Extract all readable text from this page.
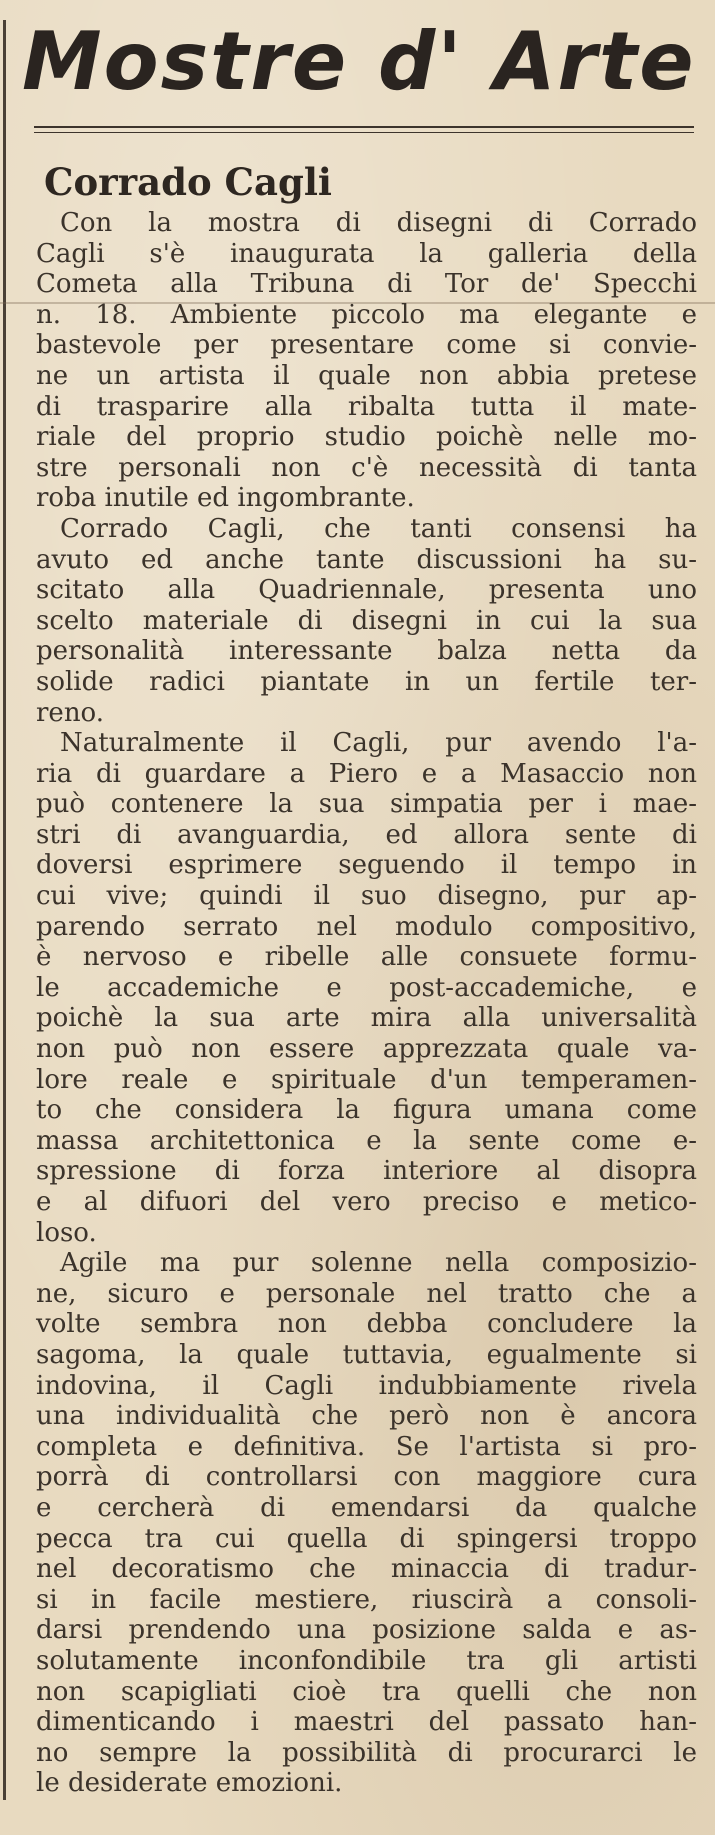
Mostre d' Arte
Corrado Cagli

Con la mostra di disegni di Corrado
Cagli s'è inaugurata la galleria della
Cometa alla Tribuna di Tor de' Specchi
n. 18. Ambiente piccolo ma elegante e
bastevole per presentare come si convie-
ne un artista il quale non abbia pretese
di trasparire alla ribalta tutta il mate-
riale del proprio studio poichè nelle mo-
stre personali non c'è necessità di tanta
roba inutile ed ingombrante.

Corrado Cagli, che tanti consensi ha
avuto ed anche tante discussioni ha su-
scitato alla Quadriennale, presenta uno
scelto materiale di disegni in cui la sua
personalità interessante balza netta da
solide radici piantate in un fertile ter-
reno.

Naturalmente il Cagli, pur avendo l'a-
ria di guardare a Piero e a Masaccio non
può contenere la sua simpatia per i mae-
stri di avanguardia, ed allora sente di
doversi esprimere seguendo il tempo in
cui vive; quindi il suo disegno, pur ap-
parendo serrato nel modulo compositivo,
è nervoso e ribelle alle consuete formu-
le accademiche e post-accademiche, e
poichè la sua arte mira alla universalità
non può non essere apprezzata quale va-
lore reale e spirituale d'un temperamen-
to che considera la figura umana come
massa architettonica e la sente come e-
spressione di forza interiore al disopra
e al difuori del vero preciso e metico-
loso.

Agile ma pur solenne nella composizio-
ne, sicuro e personale nel tratto che a
volte sembra non debba concludere la
sagoma, la quale tuttavia, egualmente si
indovina, il Cagli indubbiamente rivela
una individualità che però non è ancora
completa e definitiva. Se l'artista si pro-
porrà di controllarsi con maggiore cura
e cercherà di emendarsi da qualche
pecca tra cui quella di spingersi troppo
nel decoratismo che minaccia di tradur-
si in facile mestiere, riuscirà a consoli-
darsi prendendo una posizione salda e as-
solutamente inconfondibile tra gli artisti
non scapigliati cioè tra quelli che non
dimenticando i maestri del passato han-
no sempre la possibilità di procurarci le
le desiderate emozioni.
